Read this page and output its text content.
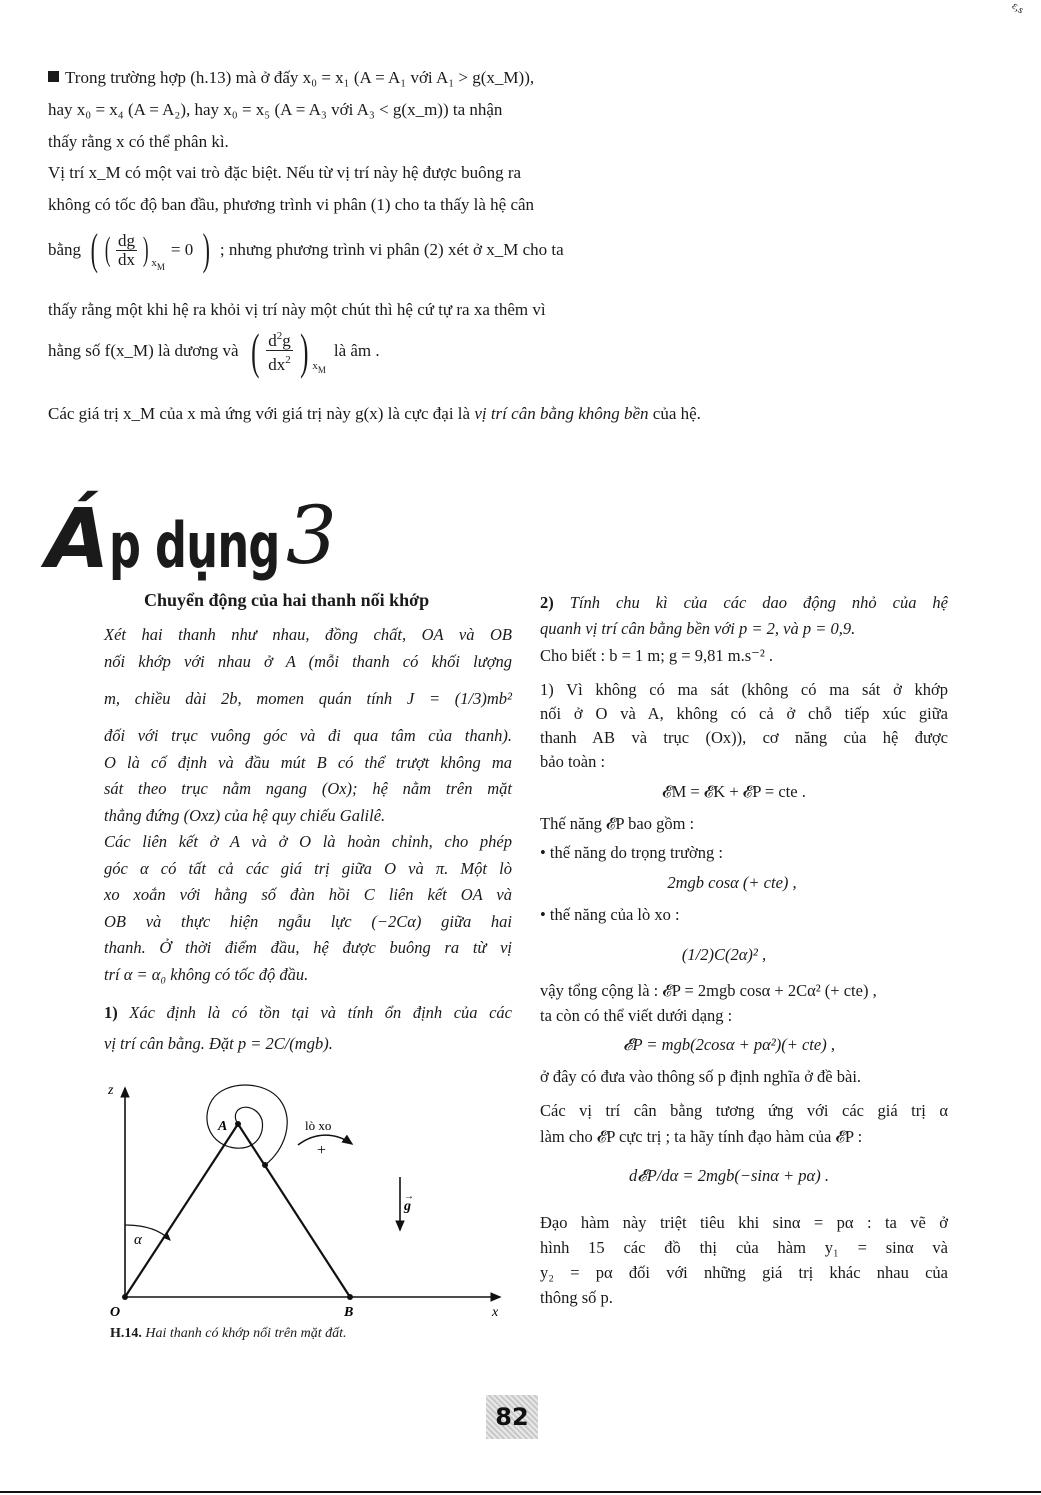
ε,s
Trong trường hợp (h.13) mà ở đấy x₀ = x₁ (A = A₁ với A₁ > g(x_M)),
hay x₀ = x₄ (A = A₂), hay x₀ = x₅ (A = A₃ với A₃ < g(x_m)) ta nhận
thấy rằng x có thể phân kì.
Vị trí x_M có một vai trò đặc biệt. Nếu từ vị trí này hệ được buông ra
không có tốc độ ban đầu, phương trình vi phân (1) cho ta thấy là hệ cân
bằng ( ( $\frac{dg}{dx}$ ) $_{x_M}$
= 0 ) ; nhưng phương trình vi phân (2) xét ở x_M cho ta
thấy rằng một khi hệ ra khỏi vị trí này một chút thì hệ cứ tự ra xa thêm vì
hằng số f(x_M) là dương và ( $\frac{d^2g}{dx^2}$ ) $_{x_M}$
là âm .
Các giá trị x_M của x mà ứng với giá trị này g(x) là cực đại là vị trí cân bằng không bền của hệ.
Áp dụng 3
Chuyển động của hai thanh nối khớp
Xét hai thanh như nhau, đồng chất, OA và OB
nối khớp với nhau ở A (mỗi thanh có khối lượng
m, chiều dài 2b, momen quán tính J = (1/3)mb²
đối với trục vuông góc và đi qua tâm của thanh).
O là cố định và đầu mút B có thể trượt không ma
sát theo trục nằm ngang (Ox); hệ nằm trên mặt
thẳng đứng (Oxz) của hệ quy chiếu Galilê.
Các liên kết ở A và ở O là hoàn chỉnh, cho phép
góc α có tất cả các giá trị giữa O và π. Một lò
xo xoắn với hằng số đàn hồi C liên kết OA và
OB và thực hiện ngẫu lực (−2Cα) giữa hai
thanh. Ở thời điểm đầu, hệ được buông ra từ vị
trí α = α₀ không có tốc độ đầu.
1) Xác định là có tồn tại và tính ổn định của các
vị trí cân bằng. Đặt p = 2C/(mgb).
z
x
O
A
B
α
g
→
lò xo
+
H.14. Hai thanh có khớp nối trên mặt đất.
2) Tính chu kì của các dao động nhỏ của hệ
quanh vị trí cân bằng bền với p = 2, và p = 0,9.
Cho biết : b = 1 m; g = 9,81 m.s⁻² .
1) Vì không có ma sát (không có ma sát ở khớp
nối ở O và A, không có cả ở chỗ tiếp xúc giữa
thanh AB và trục (Ox)), cơ năng của hệ được
bảo toàn :
𝓔M = 𝓔K + 𝓔P = cte .
Thế năng 𝓔P bao gồm :
• thế năng do trọng trường :
2mgb cosα (+ cte) ,
• thế năng của lò xo :
(1/2)C(2α)² ,
vậy tổng cộng là : 𝓔P = 2mgb cosα + 2Cα² (+ cte) ,
ta còn có thể viết dưới dạng :
𝓔P = mgb(2cosα + pα²)(+ cte) ,
ở đây có đưa vào thông số p định nghĩa ở đề bài.
Các vị trí cân bằng tương ứng với các giá trị α
làm cho 𝓔P cực trị ; ta hãy tính đạo hàm của 𝓔P :
d𝓔P/dα = 2mgb(−sinα + pα) .
Đạo hàm này triệt tiêu khi sinα = pα : ta vẽ ở
hình 15 các đồ thị của hàm y₁ = sinα và
y₂ = pα đối với những giá trị khác nhau của
thông số p.
82
